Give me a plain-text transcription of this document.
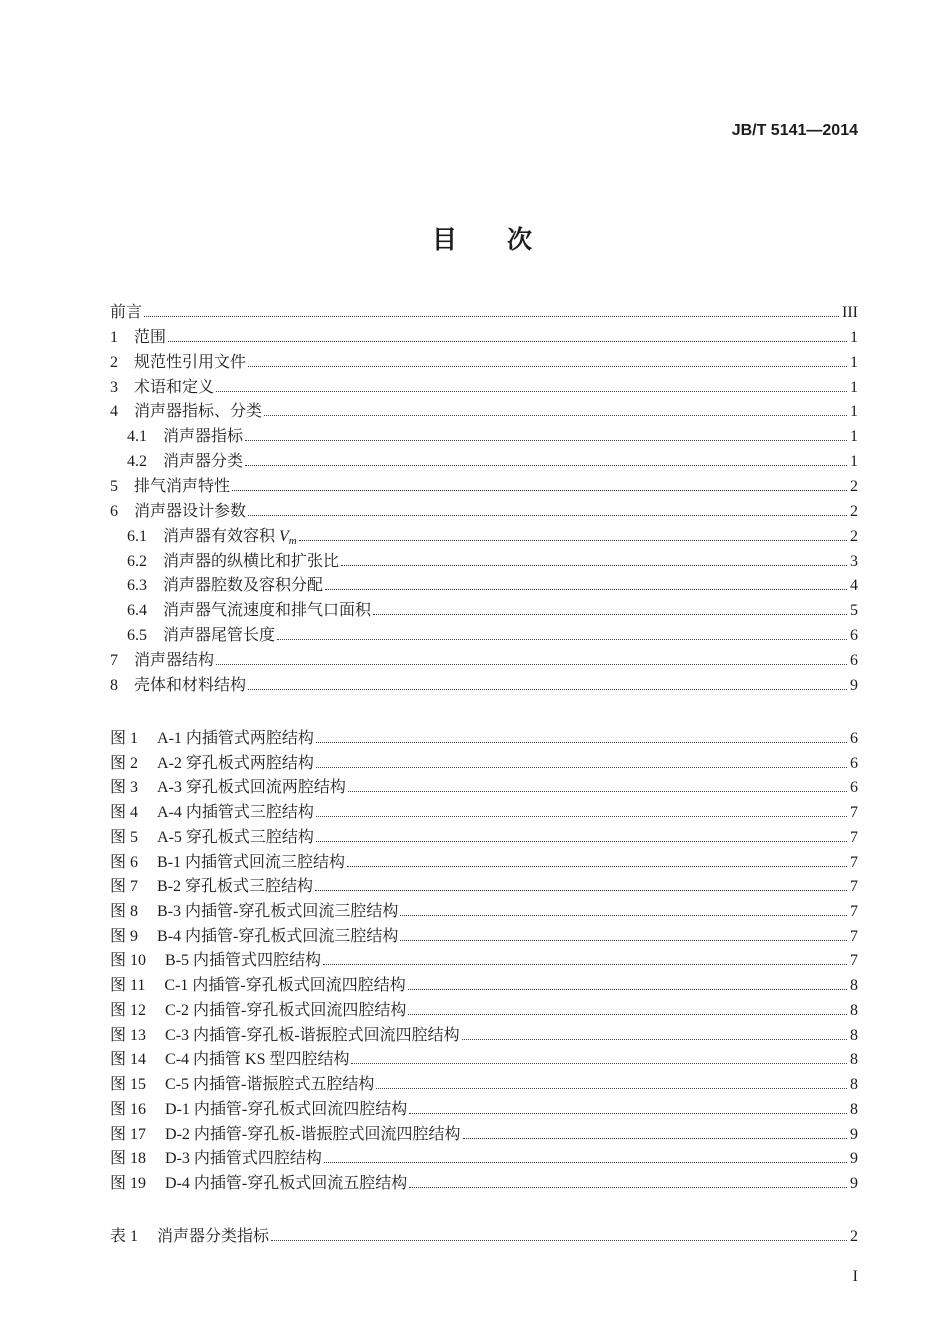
JB/T 5141—2014
目　　次
前言	III
1 范围	1
2 规范性引用文件	1
3 术语和定义	1
4 消声器指标、分类	1
4.1 消声器指标	1
4.2 消声器分类	1
5 排气消声特性	2
6 消声器设计参数	2
6.1 消声器有效容积 $V_m$	2
6.2 消声器的纵横比和扩张比	3
6.3 消声器腔数及容积分配	4
6.4 消声器气流速度和排气口面积	5
6.5 消声器尾管长度	6
7 消声器结构	6
8 壳体和材料结构	9
图 1 A-1 内插管式两腔结构	6
图 2 A-2 穿孔板式两腔结构	6
图 3 A-3 穿孔板式回流两腔结构	6
图 4 A-4 内插管式三腔结构	7
图 5 A-5 穿孔板式三腔结构	7
图 6 B-1 内插管式回流三腔结构	7
图 7 B-2 穿孔板式三腔结构	7
图 8 B-3 内插管-穿孔板式回流三腔结构	7
图 9 B-4 内插管-穿孔板式回流三腔结构	7
图 10 B-5 内插管式四腔结构	7
图 11 C-1 内插管-穿孔板式回流四腔结构	8
图 12 C-2 内插管-穿孔板式回流四腔结构	8
图 13 C-3 内插管-穿孔板-谐振腔式回流四腔结构	8
图 14 C-4 内插管 KS 型四腔结构	8
图 15 C-5 内插管-谐振腔式五腔结构	8
图 16 D-1 内插管-穿孔板式回流四腔结构	8
图 17 D-2 内插管-穿孔板-谐振腔式回流四腔结构	9
图 18 D-3 内插管式四腔结构	9
图 19 D-4 内插管-穿孔板式回流五腔结构	9
表 1 消声器分类指标	2
I
